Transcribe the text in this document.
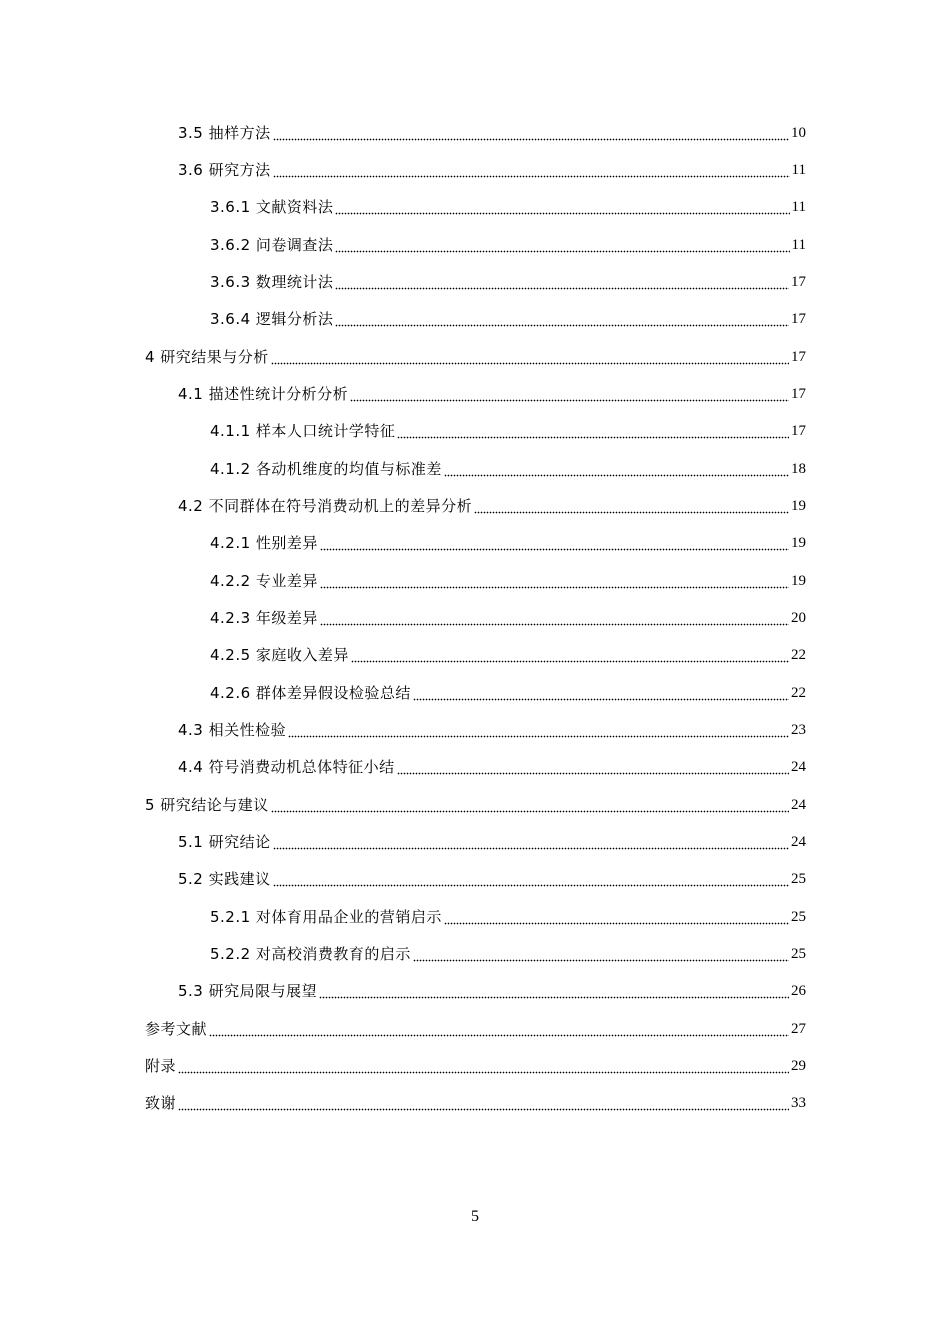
3.5 抽样方法	10
3.6 研究方法	11
3.6.1 文献资料法	11
3.6.2 问卷调查法	11
3.6.3 数理统计法	17
3.6.4 逻辑分析法	17
4 研究结果与分析	17
4.1 描述性统计分析分析	17
4.1.1 样本人口统计学特征	17
4.1.2 各动机维度的均值与标准差	18
4.2 不同群体在符号消费动机上的差异分析	19
4.2.1 性别差异	19
4.2.2 专业差异	19
4.2.3 年级差异	20
4.2.5 家庭收入差异	22
4.2.6 群体差异假设检验总结	22
4.3 相关性检验	23
4.4 符号消费动机总体特征小结	24
5 研究结论与建议	24
5.1 研究结论	24
5.2 实践建议	25
5.2.1 对体育用品企业的营销启示	25
5.2.2 对高校消费教育的启示	25
5.3 研究局限与展望	26
参考文献	27
附录	29
致谢	33
5
